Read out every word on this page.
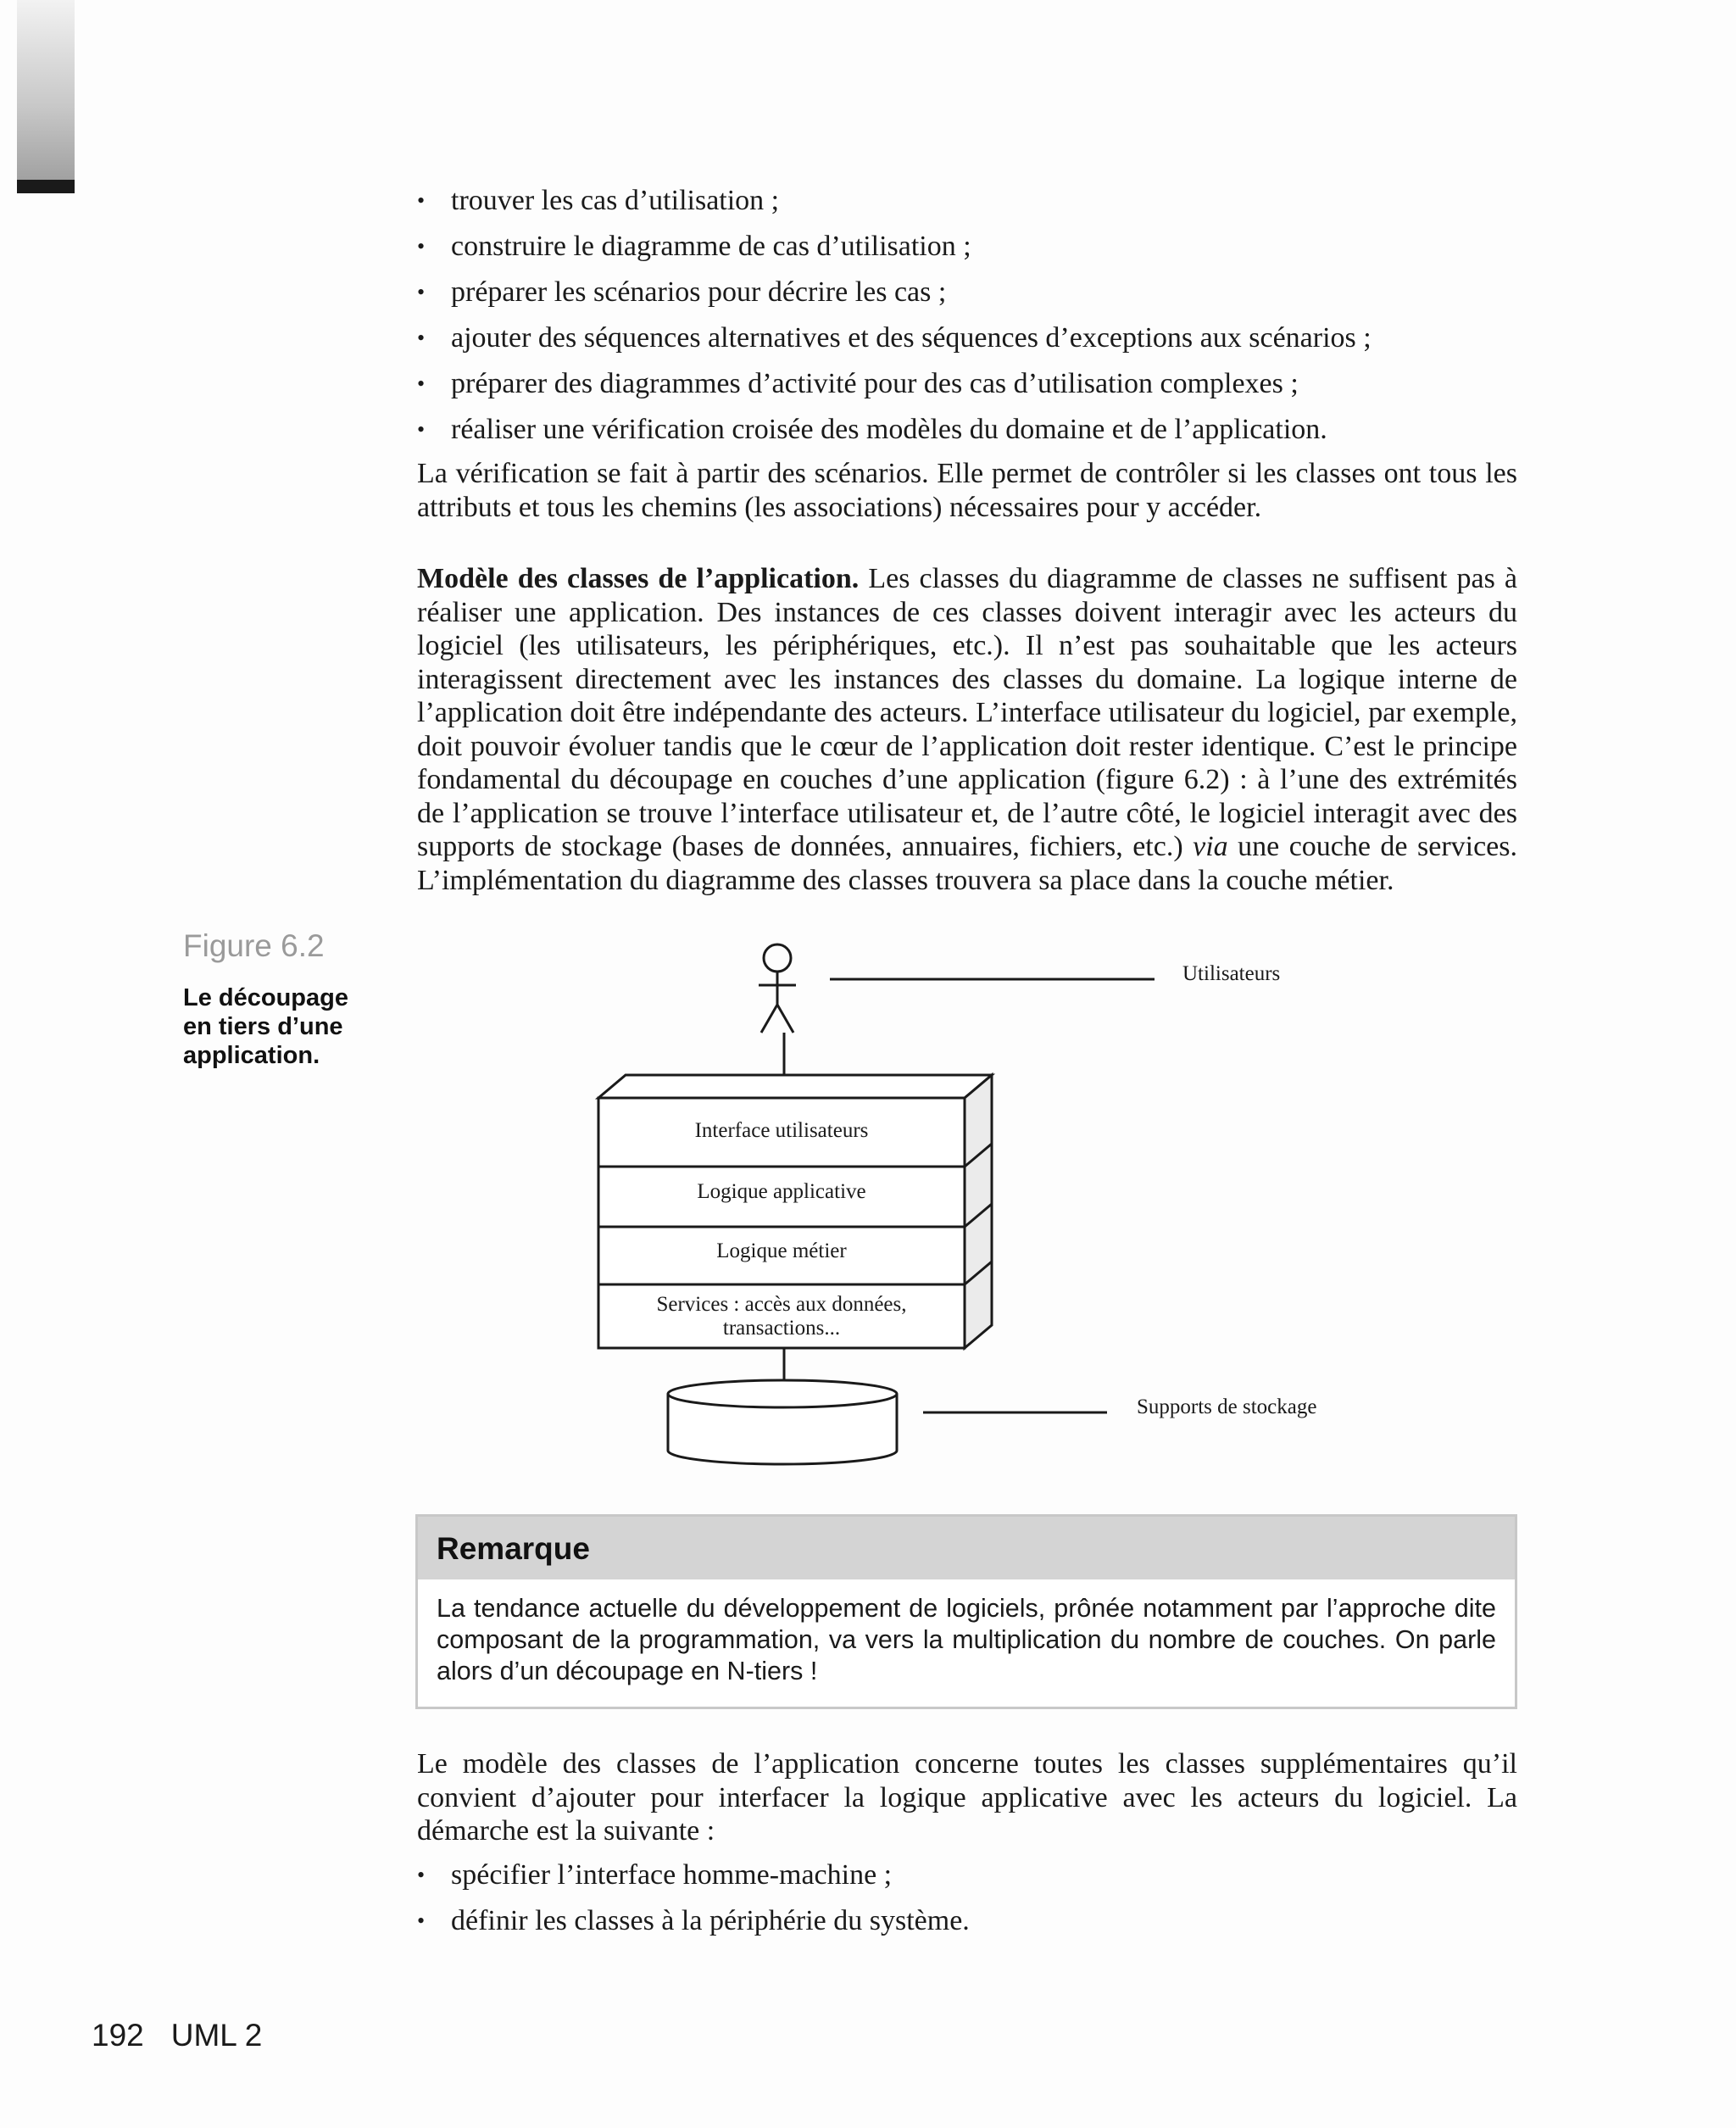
• trouver les cas d’utilisation ;
• construire le diagramme de cas d’utilisation ;
• préparer les scénarios pour décrire les cas ;
• ajouter des séquences alternatives et des séquences d’exceptions aux scénarios ;
• préparer des diagrammes d’activité pour des cas d’utilisation complexes ;
• réaliser une vérification croisée des modèles du domaine et de l’application.

La vérification se fait à partir des scénarios. Elle permet de contrôler si les classes ont tous les attributs et tous les chemins (les associations) nécessaires pour y accéder.

Modèle des classes de l’application. Les classes du diagramme de classes ne suffisent pas à réaliser une application. Des instances de ces classes doivent interagir avec les acteurs du logiciel (les utilisateurs, les périphériques, etc.). Il n’est pas souhaitable que les acteurs interagissent directement avec les instances des classes du domaine. La logique interne de l’application doit être indépendante des acteurs. L’interface utilisateur du logiciel, par exemple, doit pouvoir évoluer tandis que le cœur de l’application doit rester identique. C’est le principe fondamental du découpage en couches d’une application (figure 6.2) : à l’une des extrémités de l’application se trouve l’interface utilisateur et, de l’autre côté, le logiciel interagit avec des supports de stockage (bases de données, annuaires, fichiers, etc.) via une couche de services. L’implémentation du diagramme des classes trouvera sa place dans la couche métier.

Figure 6.2
Le découpage en tiers d’une application.
Utilisateurs
Interface utilisateurs
Logique applicative
Logique métier
Services : accès aux données,
transactions...
Supports de stockage
Remarque
La tendance actuelle du développement de logiciels, prônée notamment par l’approche dite composant de la programmation, va vers la multiplication du nombre de couches. On parle alors d’un découpage en N-tiers !

Le modèle des classes de l’application concerne toutes les classes supplémentaires qu’il convient d’ajouter pour interfacer la logique applicative avec les acteurs du logiciel. La démarche est la suivante :

• spécifier l’interface homme-machine ;
• définir les classes à la périphérie du système.
192 UML 2
